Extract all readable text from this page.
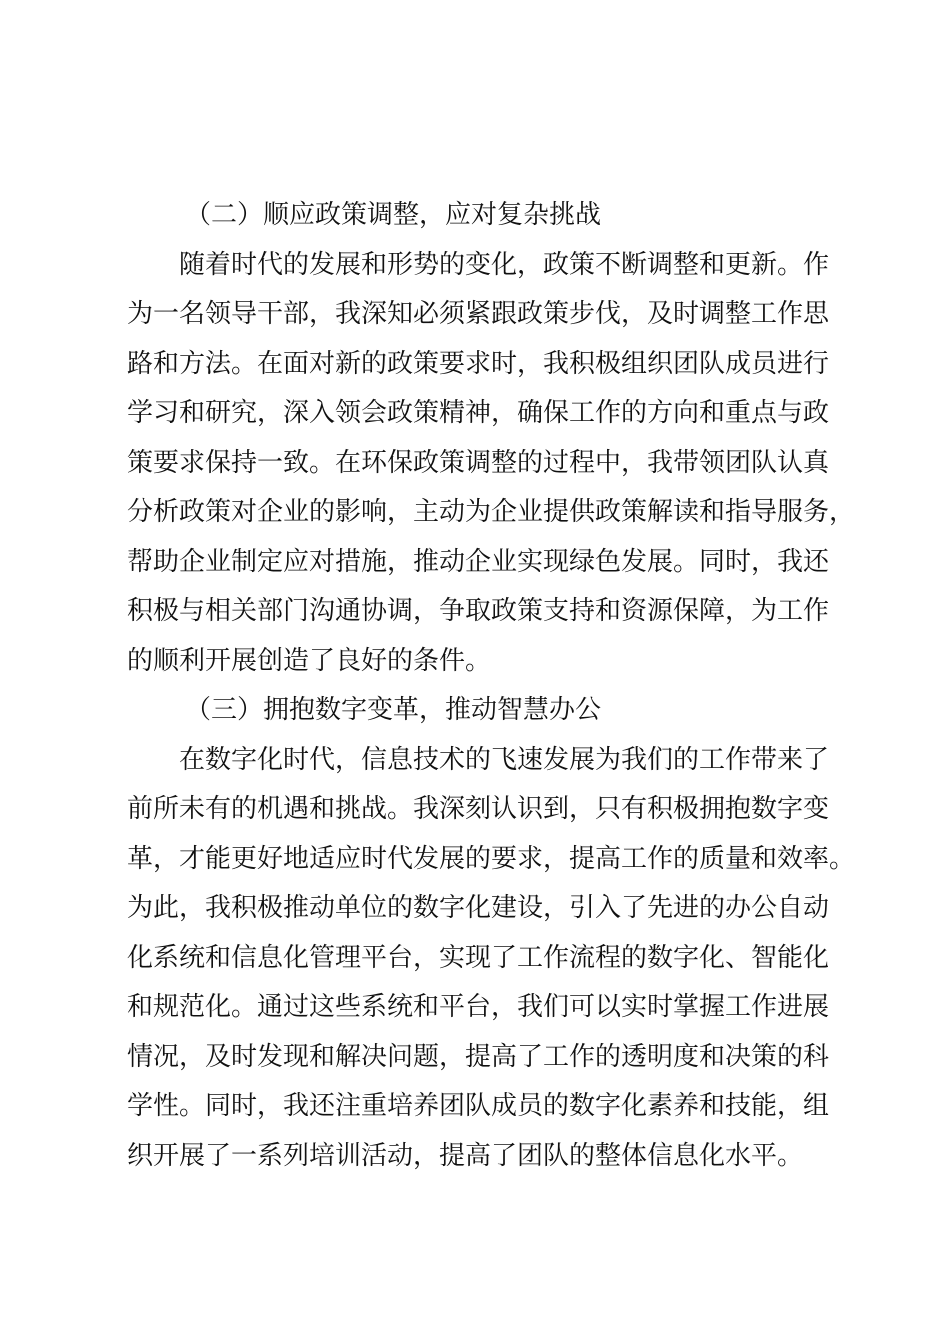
（二）顺应政策调整，应对复杂挑战
随着时代的发展和形势的变化，政策不断调整和更新。作
为一名领导干部，我深知必须紧跟政策步伐，及时调整工作思
路和方法。在面对新的政策要求时，我积极组织团队成员进行
学习和研究，深入领会政策精神，确保工作的方向和重点与政
策要求保持一致。在环保政策调整的过程中，我带领团队认真
分析政策对企业的影响，主动为企业提供政策解读和指导服务，
帮助企业制定应对措施，推动企业实现绿色发展。同时，我还
积极与相关部门沟通协调，争取政策支持和资源保障，为工作
的顺利开展创造了良好的条件。
（三）拥抱数字变革，推动智慧办公
在数字化时代，信息技术的飞速发展为我们的工作带来了
前所未有的机遇和挑战。我深刻认识到，只有积极拥抱数字变
革，才能更好地适应时代发展的要求，提高工作的质量和效率。
为此，我积极推动单位的数字化建设，引入了先进的办公自动
化系统和信息化管理平台，实现了工作流程的数字化、智能化
和规范化。通过这些系统和平台，我们可以实时掌握工作进展
情况，及时发现和解决问题，提高了工作的透明度和决策的科
学性。同时，我还注重培养团队成员的数字化素养和技能，组
织开展了一系列培训活动，提高了团队的整体信息化水平。
